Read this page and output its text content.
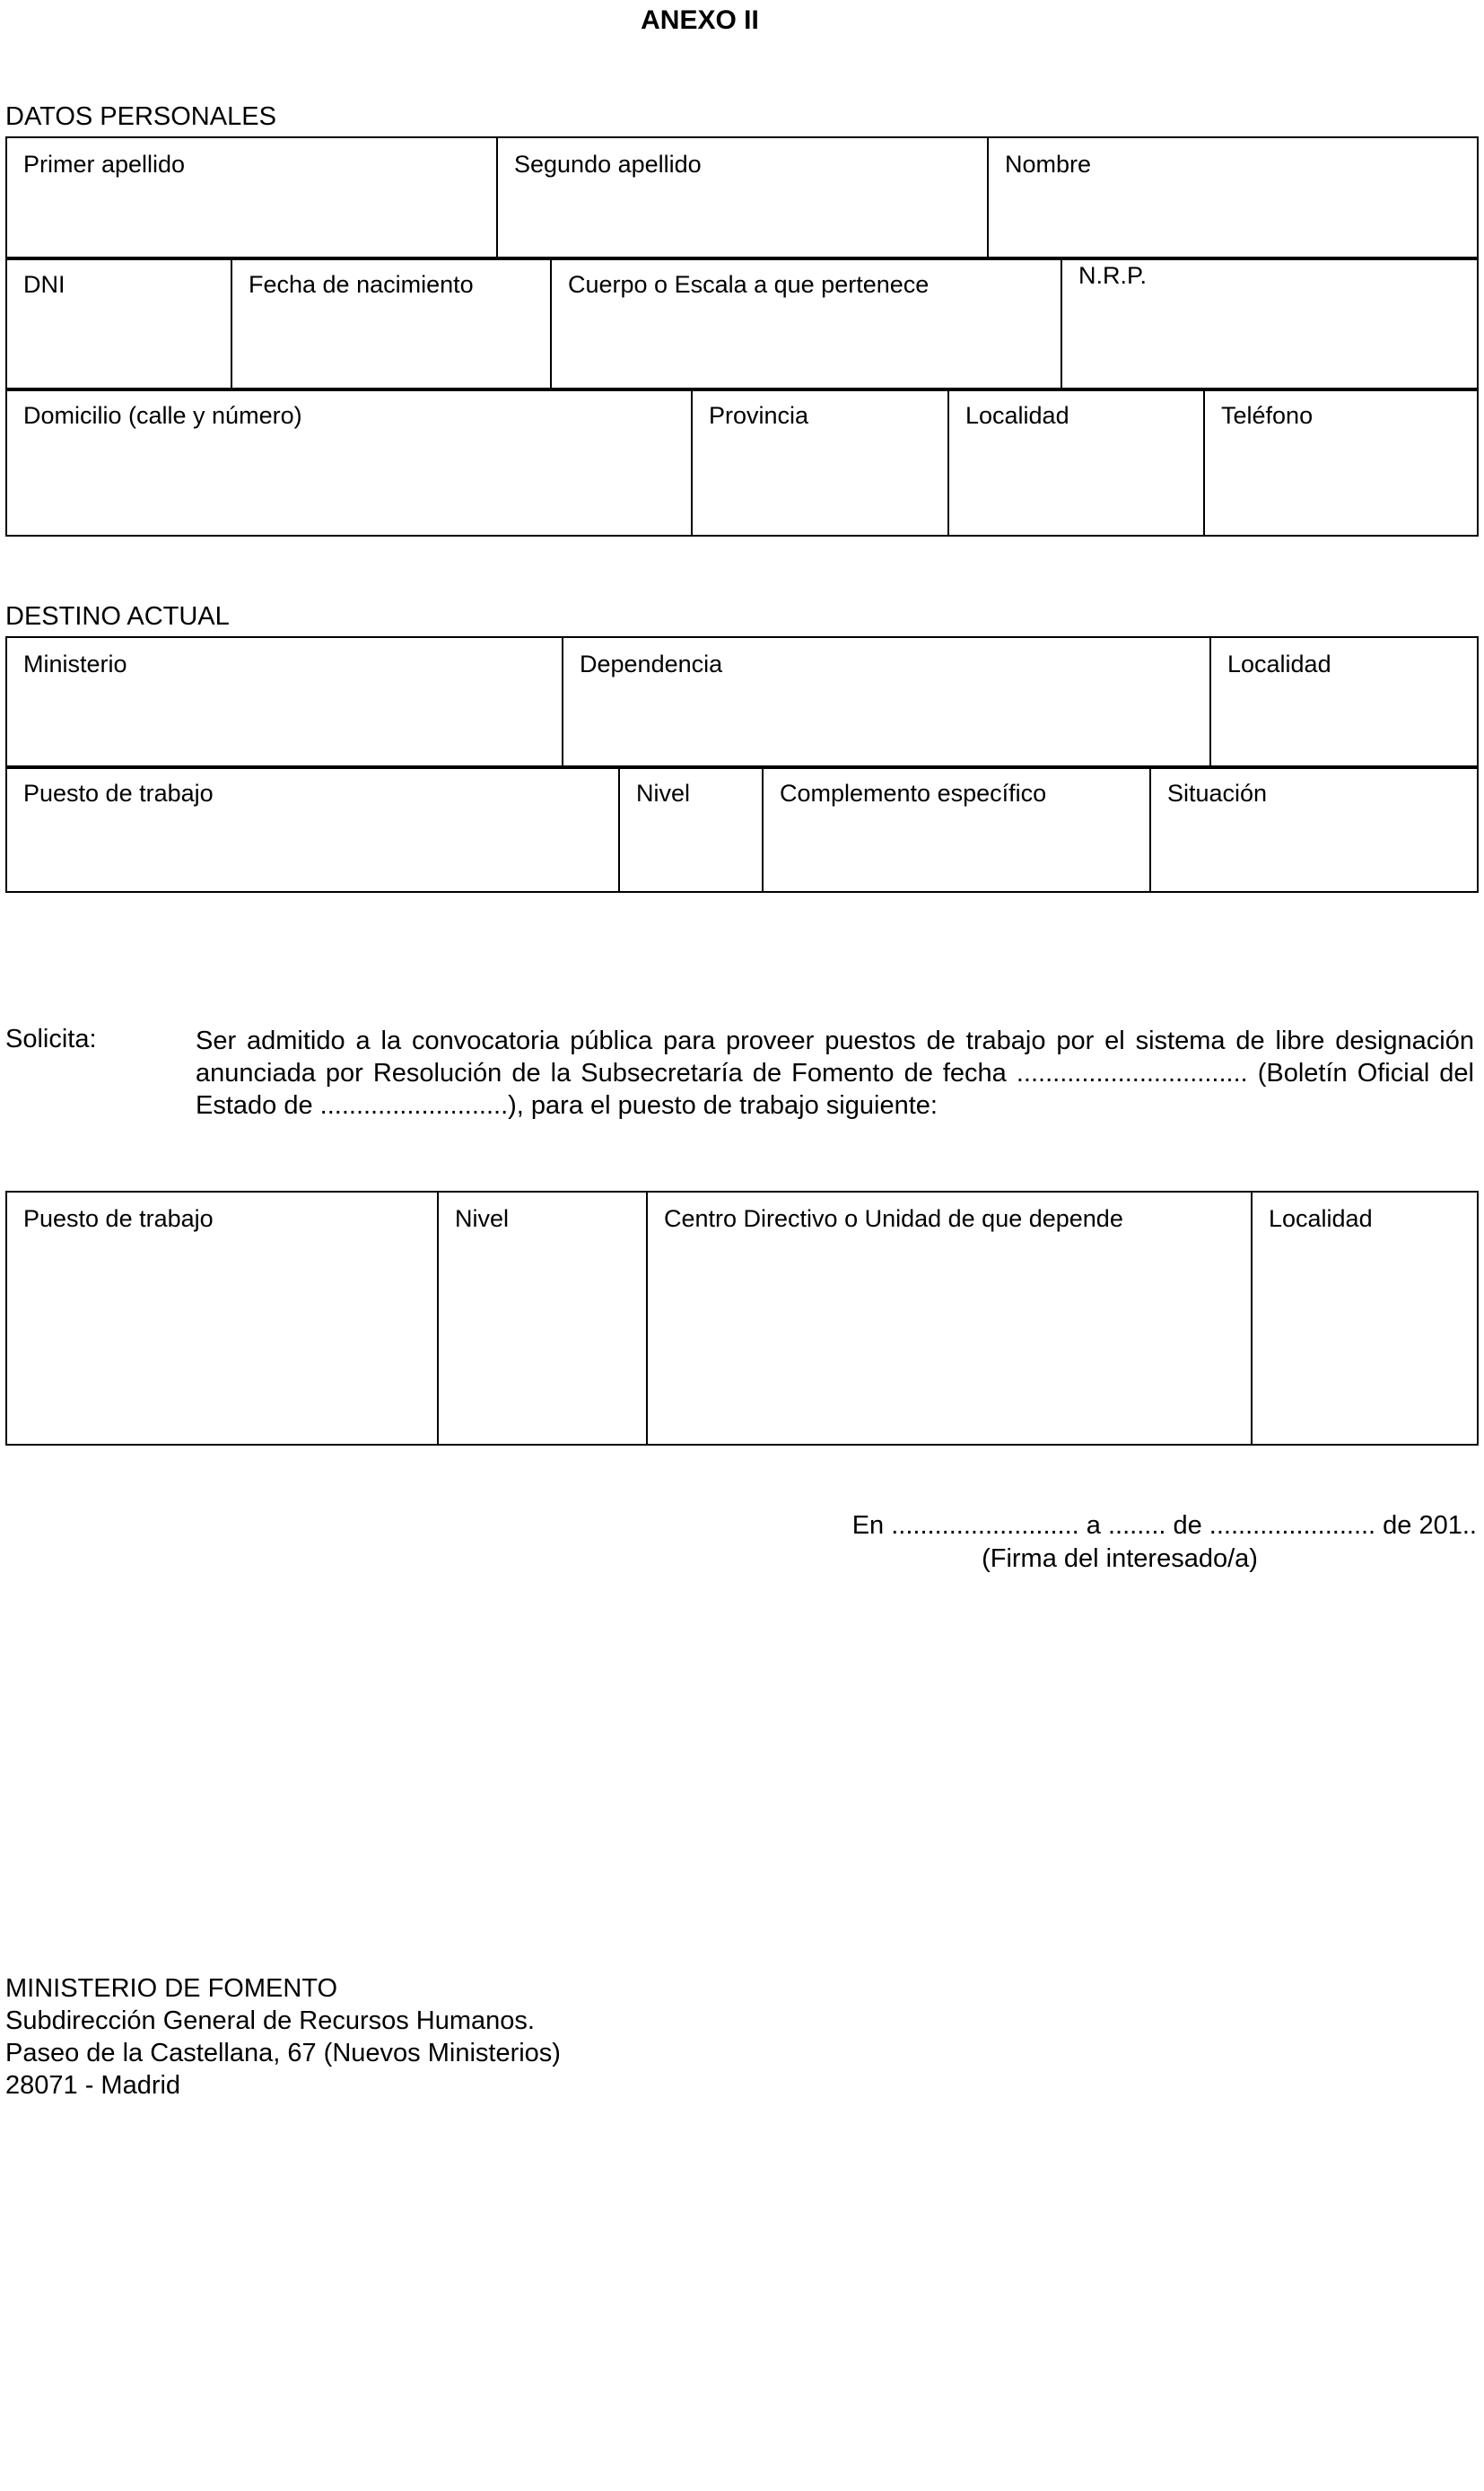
ANEXO II
DATOS PERSONALES
Primer apellido	Segundo apellido	Nombre
DNI	Fecha de nacimiento	Cuerpo o Escala a que pertenece	N.R.P.
Domicilio (calle y número)	Provincia	Localidad	Teléfono
DESTINO ACTUAL
Ministerio	Dependencia	Localidad
Puesto de trabajo	Nivel	Complemento específico	Situación
Solicita:	Ser admitido a la convocatoria pública para proveer puestos de trabajo por el sistema de libre designación anunciada por Resolución de la Subsecretaría de Fomento de fecha ................................ (Boletín Oficial del Estado de ..........................), para el puesto de trabajo siguiente:
Puesto de trabajo	Nivel	Centro Directivo o Unidad de que depende	Localidad
En .......................... a ........ de ....................... de 201..
(Firma del interesado/a)
MINISTERIO DE FOMENTO
Subdirección General de Recursos Humanos.
Paseo de la Castellana, 67 (Nuevos Ministerios)
28071 - Madrid
